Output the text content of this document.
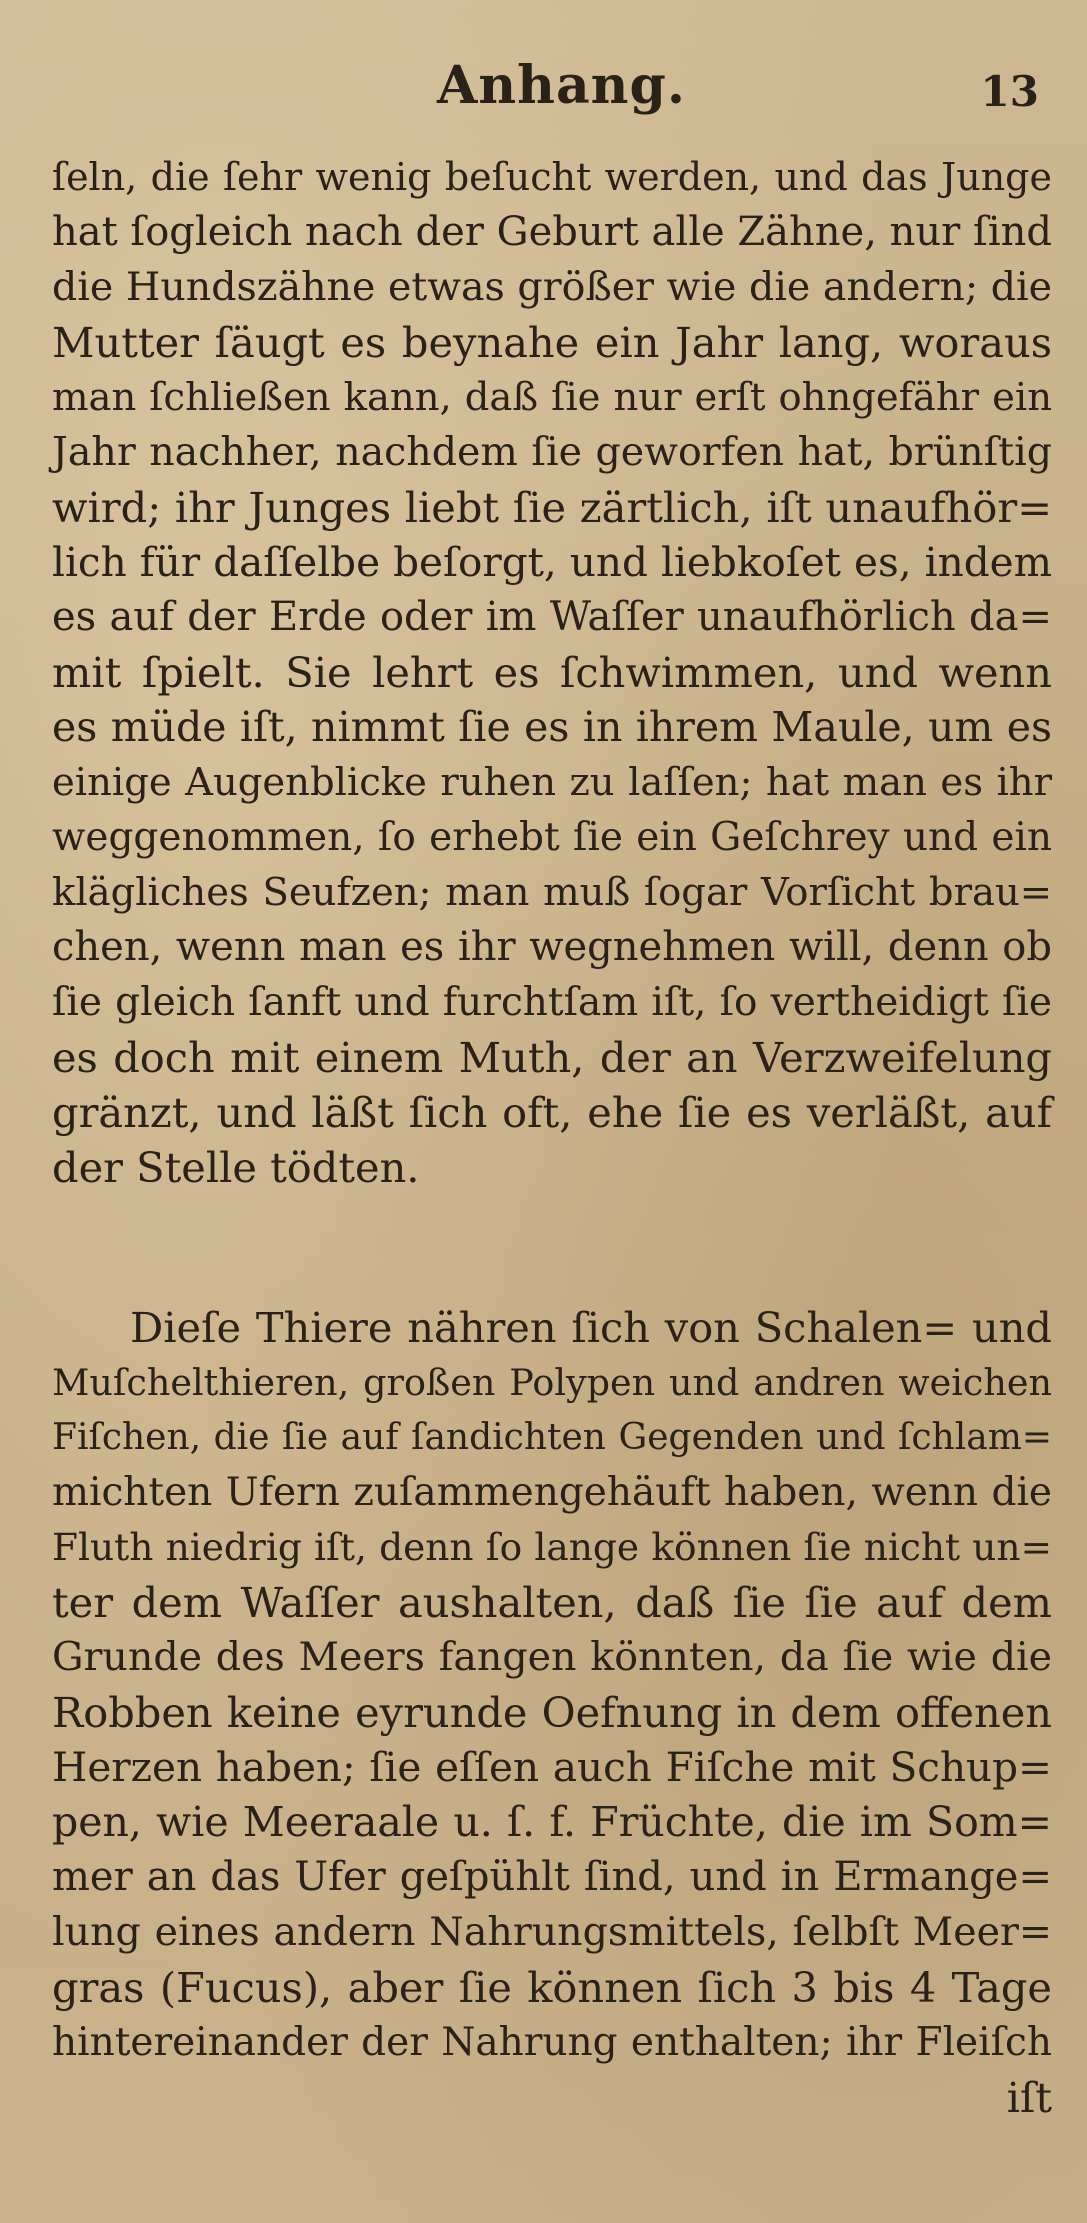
Anhang.	13
ſeln, die ſehr wenig beſucht werden, und das Junge
hat ſogleich nach der Geburt alle Zähne, nur ſind
die Hundszähne etwas größer wie die andern; die
Mutter ſäugt es beynahe ein Jahr lang, woraus
man ſchließen kann, daß ſie nur erſt ohngefähr ein
Jahr nachher, nachdem ſie geworfen hat, brünſtig
wird; ihr Junges liebt ſie zärtlich, iſt unaufhör=
lich für daſſelbe beſorgt, und liebkoſet es, indem
es auf der Erde oder im Waſſer unaufhörlich da=
mit ſpielt. Sie lehrt es ſchwimmen, und wenn
es müde iſt, nimmt ſie es in ihrem Maule, um es
einige Augenblicke ruhen zu laſſen; hat man es ihr
weggenommen, ſo erhebt ſie ein Geſchrey und ein
klägliches Seufzen; man muß ſogar Vorſicht brau=
chen, wenn man es ihr wegnehmen will, denn ob
ſie gleich ſanft und furchtſam iſt, ſo vertheidigt ſie
es doch mit einem Muth, der an Verzweifelung
gränzt, und läßt ſich oft, ehe ſie es verläßt, auf
der Stelle tödten.
Dieſe Thiere nähren ſich von Schalen= und
Muſchelthieren, großen Polypen und andren weichen
Fiſchen, die ſie auf ſandichten Gegenden und ſchlam=
michten Ufern zuſammengehäuft haben, wenn die
Fluth niedrig iſt, denn ſo lange können ſie nicht un=
ter dem Waſſer aushalten, daß ſie ſie auf dem
Grunde des Meers fangen könnten, da ſie wie die
Robben keine eyrunde Oefnung in dem offenen
Herzen haben; ſie eſſen auch Fiſche mit Schup=
pen, wie Meeraale u. ſ. f. Früchte, die im Som=
mer an das Ufer geſpühlt ſind, und in Ermange=
lung eines andern Nahrungsmittels, ſelbſt Meer=
gras (Fucus), aber ſie können ſich 3 bis 4 Tage
hintereinander der Nahrung enthalten; ihr Fleiſch
iſt
